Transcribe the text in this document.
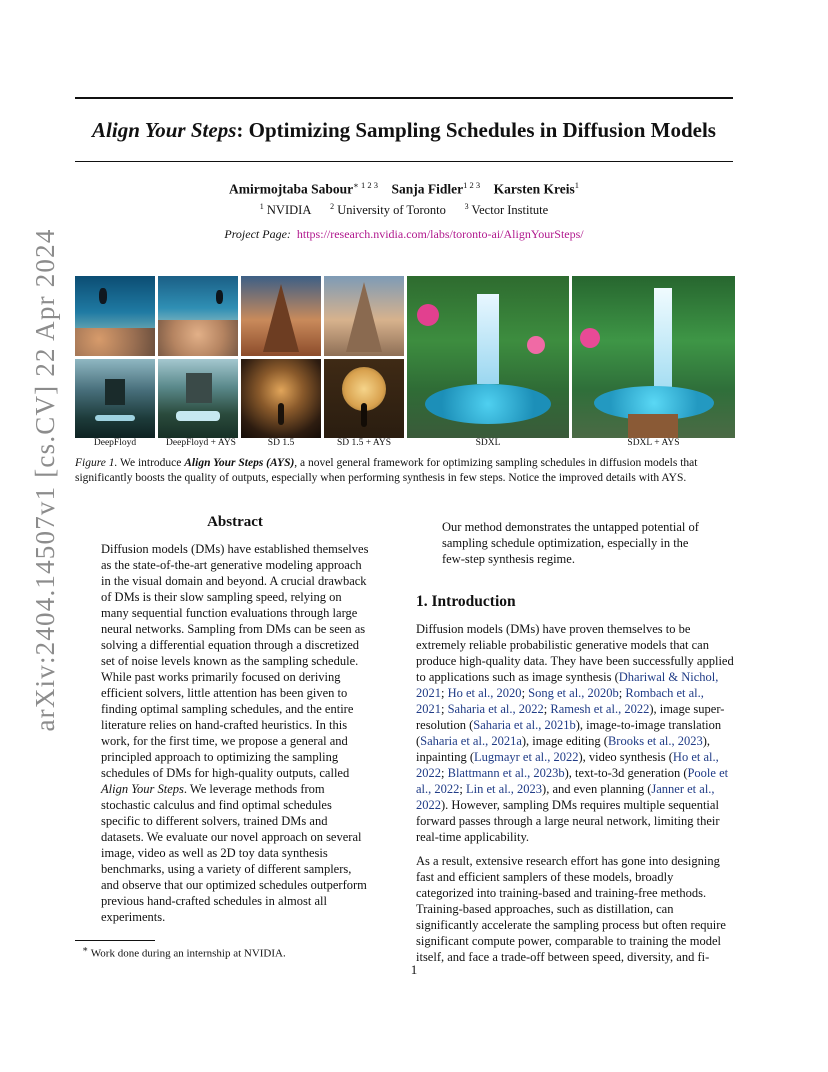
arXiv:2404.14507v1 [cs.CV] 22 Apr 2024
Align Your Steps: Optimizing Sampling Schedules in Diffusion Models
Amirmojtaba Sabour$^{∗ 1 2 3}$ Sanja Fidler$^{1 2 3}$ Karsten Kreis$^1$
$^1$ NVIDIA $^2$ University of Toronto $^3$ Vector Institute
Project Page: https://research.nvidia.com/labs/toronto-ai/AlignYourSteps/
DeepFloyd	DeepFloyd + AYS	SD 1.5	SD 1.5 + AYS	SDXL	SDXL + AYS
Figure 1. We introduce Align Your Steps (AYS), a novel general framework for optimizing sampling schedules in diffusion models that significantly boosts the quality of outputs, especially when performing synthesis in few steps. Notice the improved details with AYS.
Abstract
Diffusion models (DMs) have established themselves as the state-of-the-art generative modeling approach in the visual domain and beyond. A crucial drawback of DMs is their slow sampling speed, relying on many sequential function evaluations through large neural networks. Sampling from DMs can be seen as solving a differential equation through a discretized set of noise levels known as the sampling schedule. While past works primarily focused on deriving efficient solvers, little attention has been given to finding optimal sampling schedules, and the entire literature relies on hand-crafted heuristics. In this work, for the first time, we propose a general and principled approach to optimizing the sampling schedules of DMs for high-quality outputs, called Align Your Steps. We leverage methods from stochastic calculus and find optimal schedules specific to different solvers, trained DMs and datasets. We evaluate our novel approach on several image, video as well as 2D toy data synthesis benchmarks, using a variety of different samplers, and observe that our optimized schedules outperform previous hand-crafted schedules in almost all experiments.
Our method demonstrates the untapped potential of sampling schedule optimization, especially in the few-step synthesis regime.
1. Introduction
Diffusion models (DMs) have proven themselves to be extremely reliable probabilistic generative models that can produce high-quality data. They have been successfully applied to applications such as image synthesis (Dhariwal & Nichol, 2021; Ho et al., 2020; Song et al., 2020b; Rombach et al., 2021; Saharia et al., 2022; Ramesh et al., 2022), image super-resolution (Saharia et al., 2021b), image-to-image translation (Saharia et al., 2021a), image editing (Brooks et al., 2023), inpainting (Lugmayr et al., 2022), video synthesis (Ho et al., 2022; Blattmann et al., 2023b), text-to-3d generation (Poole et al., 2022; Lin et al., 2023), and even planning (Janner et al., 2022). However, sampling DMs requires multiple sequential forward passes through a large neural network, limiting their real-time applicability.
As a result, extensive research effort has gone into designing fast and efficient samplers of these models, broadly categorized into training-based and training-free methods. Training-based approaches, such as distillation, can significantly accelerate the sampling process but often require significant compute power, comparable to training the model itself, and face a trade-off between speed, diversity, and fi-
∗ Work done during an internship at NVIDIA.
1
